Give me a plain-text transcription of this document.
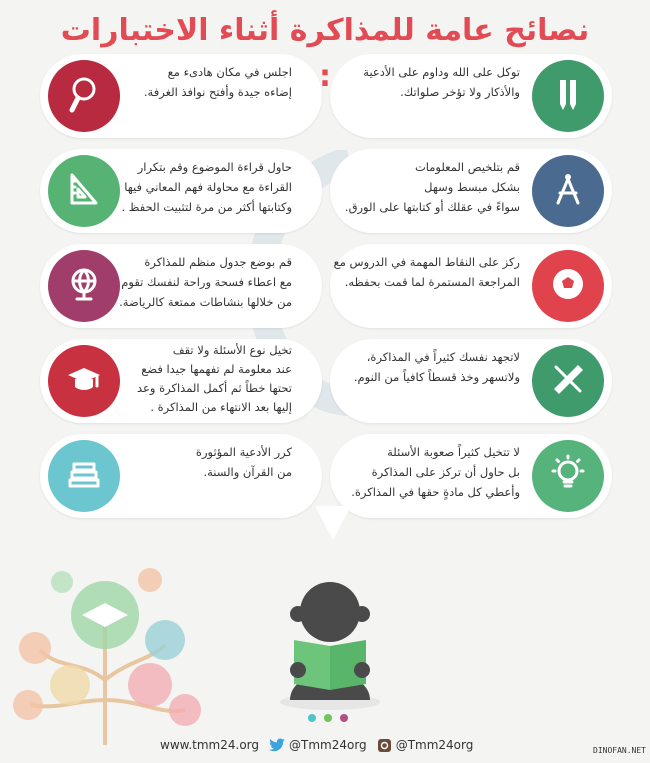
نصائح عامة للمذاكرة أثناء الاختبارات :	توكل على الله وداوم على الأدعية
والأذكار ولا تؤخر صلواتك.
قم بتلخيص المعلومات
بشكل مبسط وسهل
سواءً في عقلك أو كتابتها على الورق.
ركز على النقاط المهمة في الدروس مع
المراجعة المستمرة لما قمت بحفظه.
لاتجهد نفسك كثيراً في المذاكرة،
ولاتسهر وخذ قسطاً كافياً من النوم.
لا تتخيل كثيراً صعوبة الأسئلة
بل حاول أن تركز على المذاكرة
وأعطي كل مادةٍ حقها في المذاكرة.
اجلس في مكان هادىء مع
إضاءه جيدة وأفتح نوافذ الغرفة.
حاول قراءة الموضوع وقم بتكرار
القراءة مع محاولة فهم المعاني فيها
وكتابتها أكثر من مرة لتثبيت الحفظ .
قم بوضع جدول منظم للمذاكرة
مع اعطاء فسحة وراحة لنفسك تقوم
من خلالها بنشاطات ممتعة كالرياضة.
تخيل نوع الأسئلة ولا تقف
عند معلومة لم تفهمها جيدا فضع
تحتها خطاً ثم أكمل المذاكرة وعد
إليها بعد الانتهاء من المذاكرة .
كرر الأدعية المؤثورة
من القرآن والسنة.
www.tmm24.org	@Tmm24org @Tmm24org	DINOFAN.NET
